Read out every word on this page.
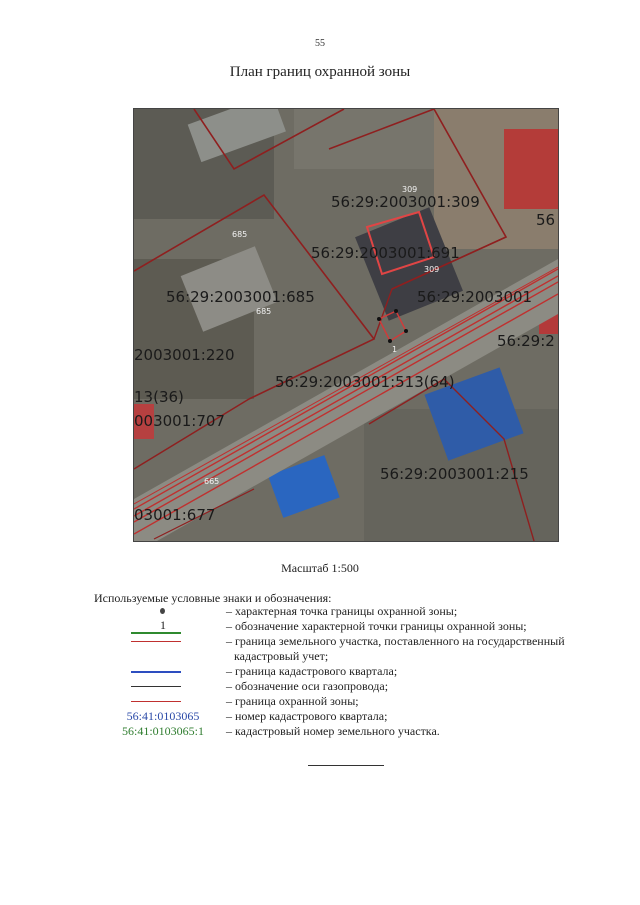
55
План границ охранной зоны
685
685
309
309
665
56:29:2003001:309
56:29:2003001:691
56:29:2003001:685	56:29:2003001
2003001:220
56:29:2
56:29:2003001:513(64)
13(36)
003001:707
56:29:2003001:215
03001:677
56
1
Масштаб 1:500
Используемые условные знаки и обозначения:
– характерная точка границы охранной зоны;
1	– обозначение характерной точки границы охранной зоны;
– граница земельного участка, поставленного на государственный
кадастровый учет;
– граница кадастрового квартала;
– обозначение оси газопровода;
– граница охранной зоны;
56:41:0103065	– номер кадастрового квартала;
56:41:0103065:1	– кадастровый номер земельного участка.
